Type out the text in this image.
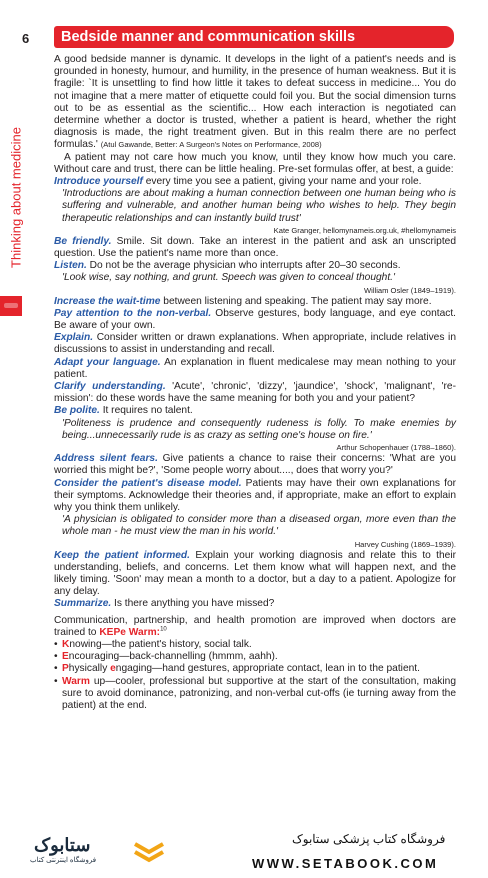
6	Bedside manner and communication skills
Thinking about medicine

A good bedside manner is dynamic. It develops in the light of a patient's needs and is grounded in honesty, humour, and humility, in the presence of human weakness. But it is fragile: `It is unsettling to find how little it takes to defeat success in medicine... You do not imagine that a mere matter of etiquette could foil you. But the social dimension turns out to be as essential as the scientific... How each interaction is negotiated can determine whether a doctor is trusted, whether a patient is heard, whether the right diagnosis is made, the right treatment given. But in this realm there are no perfect formulas.' (Atul Gawande, Better: A Surgeon's Notes on Performance, 2008)

A patient may not care how much you know, until they know how much you care. Without care and trust, there can be little healing. Pre-set formulas offer, at best, a guide:

Introduce yourself every time you see a patient, giving your name and your role.

'Introductions are about making a human connection between one human being who is suffering and vulnerable, and another human being who wishes to help. They begin therapeutic relationships and can instantly build trust'

Kate Granger, hellomynameis.org.uk, #hellomynameis

Be friendly. Smile. Sit down. Take an interest in the patient and ask an unscripted question. Use the patient's name more than once.

Listen. Do not be the average physician who interrupts after 20–30 seconds.

'Look wise, say nothing, and grunt. Speech was given to conceal thought.'

William Osler (1849–1919).

Increase the wait-time between listening and speaking. The patient may say more.

Pay attention to the non-verbal. Observe gestures, body language, and eye contact. Be aware of your own.

Explain. Consider written or drawn explanations. When appropriate, include relatives in discussions to assist in understanding and recall.

Adapt your language. An explanation in fluent medicalese may mean nothing to your patient.

Clarify understanding. 'Acute', 'chronic', 'dizzy', 'jaundice', 'shock', 'malignant', 're-mission': do these words have the same meaning for both you and your patient?

Be polite. It requires no talent.

'Politeness is prudence and consequently rudeness is folly. To make enemies by being...unnecessarily rude is as crazy as setting one's house on fire.'

Arthur Schopenhauer (1788–1860).

Address silent fears. Give patients a chance to raise their concerns: 'What are you worried this might be?', 'Some people worry about...., does that worry you?'

Consider the patient's disease model. Patients may have their own explanations for their symptoms. Acknowledge their theories and, if appropriate, make an effort to explain why you think them unlikely.

'A physician is obligated to consider more than a diseased organ, more even than the whole man - he must view the man in his world.'

Harvey Cushing (1869–1939).

Keep the patient informed. Explain your working diagnosis and relate this to their understanding, beliefs, and concerns. Let them know what will happen next, and the likely timing. 'Soon' may mean a month to a doctor, but a day to a patient. Apologize for any delay.

Summarize. Is there anything you have missed?

Communication, partnership, and health promotion are improved when doctors are trained to KEPe Warm:$^{10}$

• Knowing—the patient's history, social talk.
• Encouraging—back-channelling (hmmm, aahh).
• Physically engaging—hand gestures, appropriate contact, lean in to the patient.
• Warm up—cooler, professional but supportive at the start of the consultation, making sure to avoid dominance, patronizing, and non-verbal cut-offs (ie turning away from the patient) at the end.
ستابوک
فروشگاه اینترنتی کتاب
فروشگاه کتاب پزشکی ستابوک
WWW.SETABOOK.COM
